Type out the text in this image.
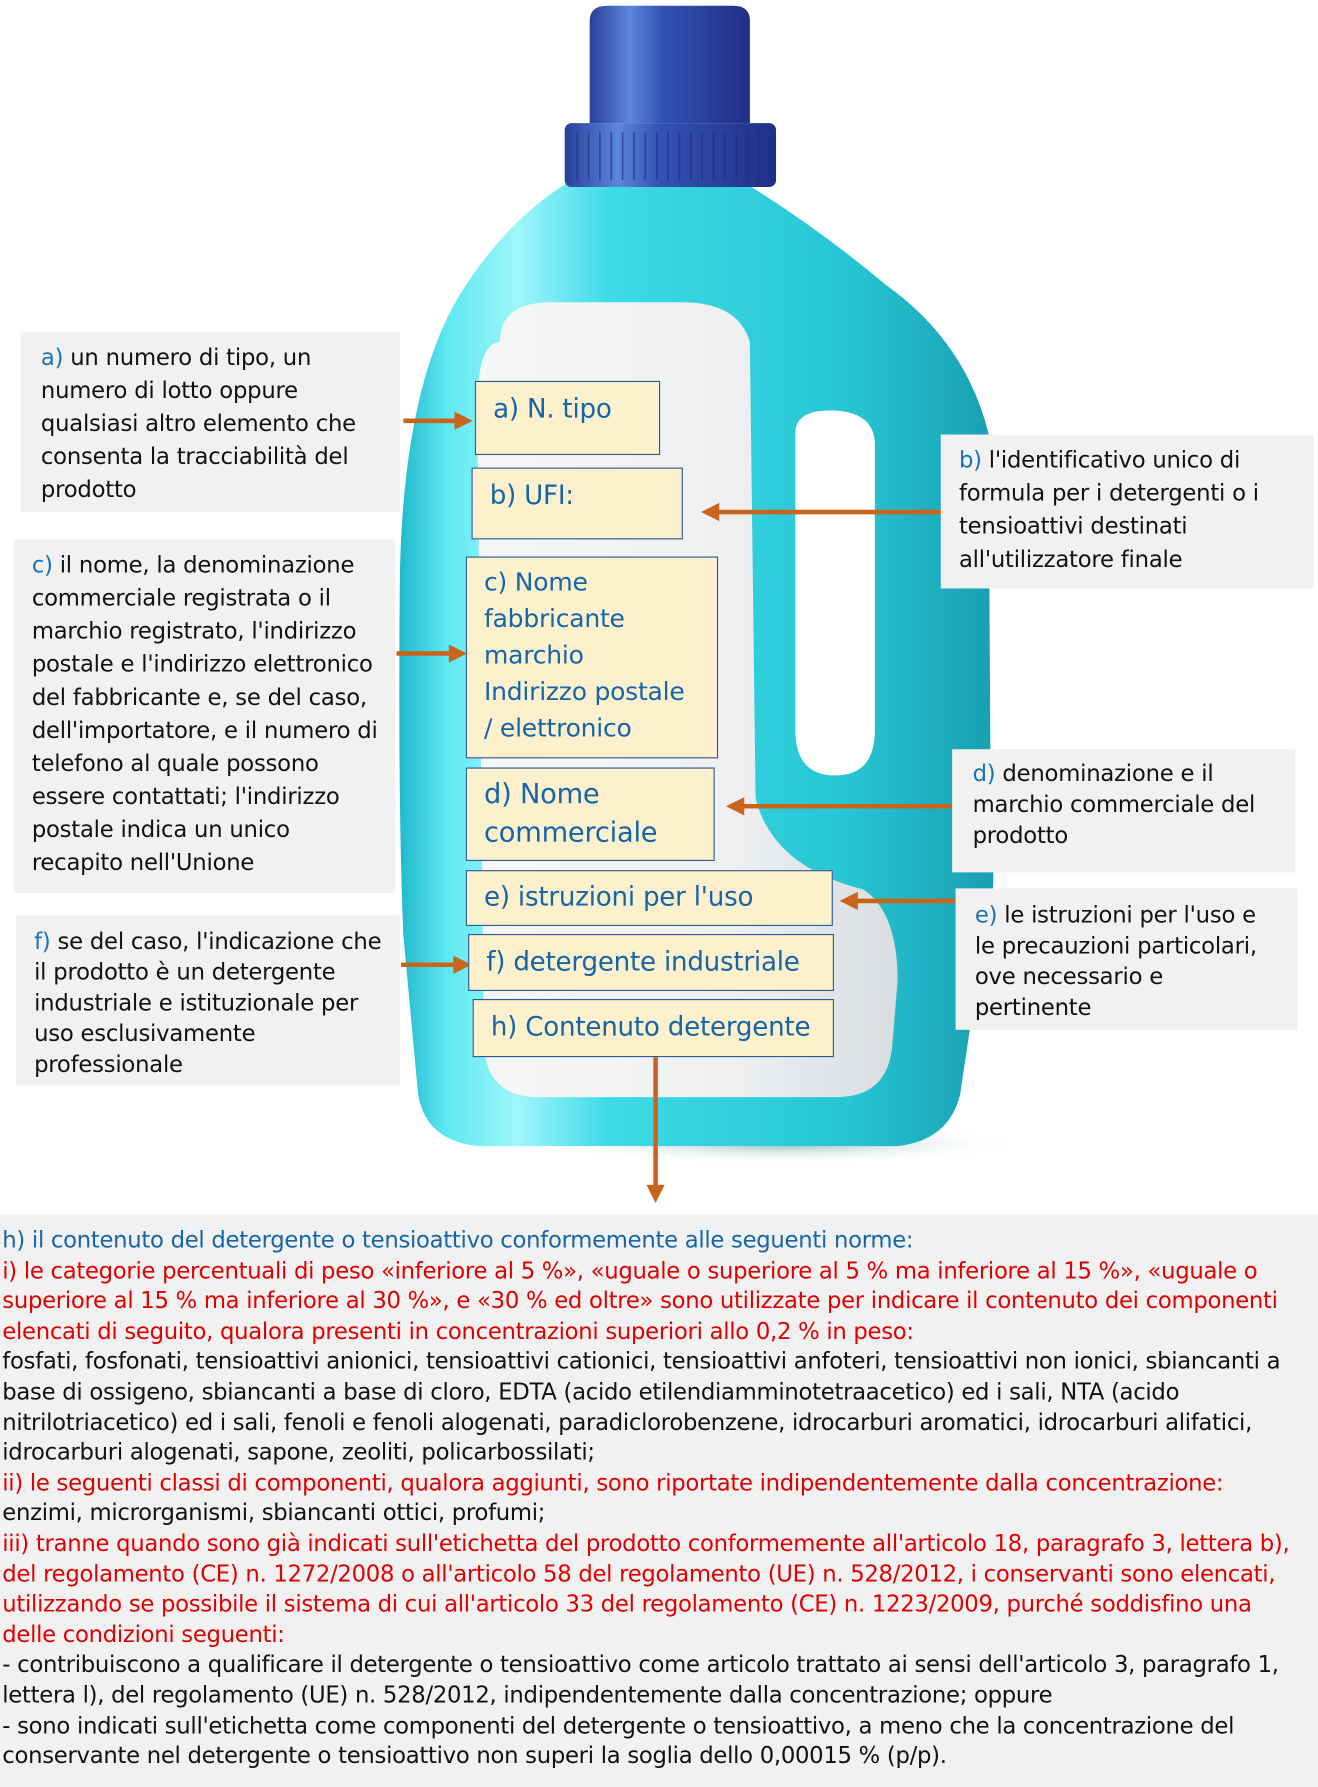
a) N. tipo
b) UFI:
c) Nome
fabbricante
marchio
Indirizzo postale
/ elettronico
d) Nome
commerciale
e) istruzioni per l'uso
f) detergente industriale
h) Contenuto detergente
a) un numero di tipo, un
numero di lotto oppure
qualsiasi altro elemento che
consenta la tracciabilità del
prodotto
b) l'identificativo unico di
formula per i detergenti o i
tensioattivi destinati
all'utilizzatore finale
c) il nome, la denominazione
commerciale registrata o il
marchio registrato, l'indirizzo
postale e l'indirizzo elettronico
del fabbricante e, se del caso,
dell'importatore, e il numero di
telefono al quale possono
essere contattati; l'indirizzo
postale indica un unico
recapito nell'Unione
d) denominazione e il
marchio commerciale del
prodotto
e) le istruzioni per l'uso e
le precauzioni particolari,
ove necessario e
pertinente
f) se del caso, l'indicazione che
il prodotto è un detergente
industriale e istituzionale per
uso esclusivamente
professionale

h) il contenuto del detergente o tensioattivo conformemente alle seguenti norme:

i) le categorie percentuali di peso «inferiore al 5 %», «uguale o superiore al 5 % ma inferiore al 15 %», «uguale o

superiore al 15 % ma inferiore al 30 %», e «30 % ed oltre» sono utilizzate per indicare il contenuto dei componenti

elencati di seguito, qualora presenti in concentrazioni superiori allo 0,2 % in peso:

fosfati, fosfonati, tensioattivi anionici, tensioattivi cationici, tensioattivi anfoteri, tensioattivi non ionici, sbiancanti a

base di ossigeno, sbiancanti a base di cloro, EDTA (acido etilendiamminotetraacetico) ed i sali, NTA (acido

nitrilotriacetico) ed i sali, fenoli e fenoli alogenati, paradiclorobenzene, idrocarburi aromatici, idrocarburi alifatici,

idrocarburi alogenati, sapone, zeoliti, policarbossilati;

ii) le seguenti classi di componenti, qualora aggiunti, sono riportate indipendentemente dalla concentrazione:

enzimi, microrganismi, sbiancanti ottici, profumi;

iii) tranne quando sono già indicati sull'etichetta del prodotto conformemente all'articolo 18, paragrafo 3, lettera b),

del regolamento (CE) n. 1272/2008 o all'articolo 58 del regolamento (UE) n. 528/2012, i conservanti sono elencati,

utilizzando se possibile il sistema di cui all'articolo 33 del regolamento (CE) n. 1223/2009, purché soddisfino una

delle condizioni seguenti:

- contribuiscono a qualificare il detergente o tensioattivo come articolo trattato ai sensi dell'articolo 3, paragrafo 1,

lettera l), del regolamento (UE) n. 528/2012, indipendentemente dalla concentrazione; oppure

- sono indicati sull'etichetta come componenti del detergente o tensioattivo, a meno che la concentrazione del

conservante nel detergente o tensioattivo non superi la soglia dello 0,00015 % (p/p).
